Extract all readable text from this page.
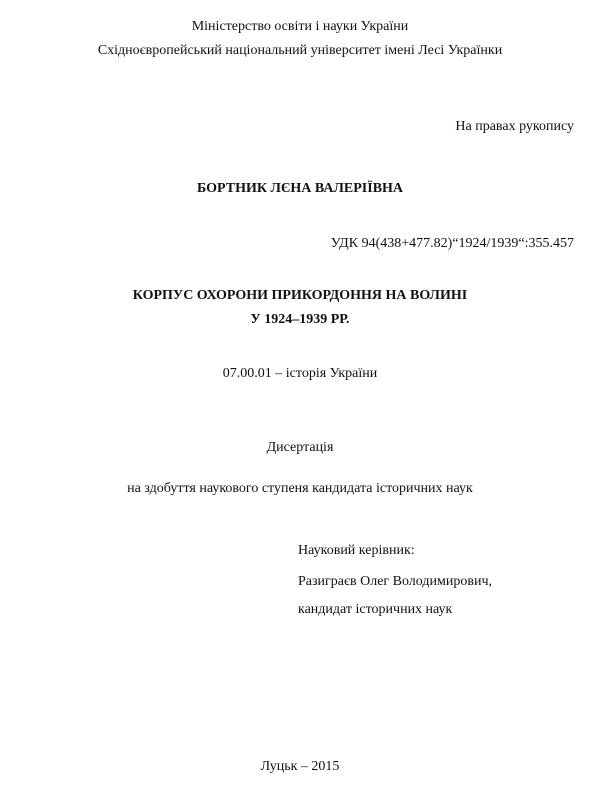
Міністерство освіти і науки України
Східноєвропейський національний університет імені Лесі Українки
На правах рукопису
БОРТНИК ЛЄНА ВАЛЕРІЇВНА
УДК 94(438+477.82)“1924/1939“:355.457
КОРПУС ОХОРОНИ ПРИКОРДОННЯ НА ВОЛИНІ
У 1924–1939 РР.
07.00.01 – історія України
Дисертація
на здобуття наукового ступеня кандидата історичних наук
Науковий керівник:
Разиграєв Олег Володимирович,
кандидат історичних наук
Луцьк – 2015
